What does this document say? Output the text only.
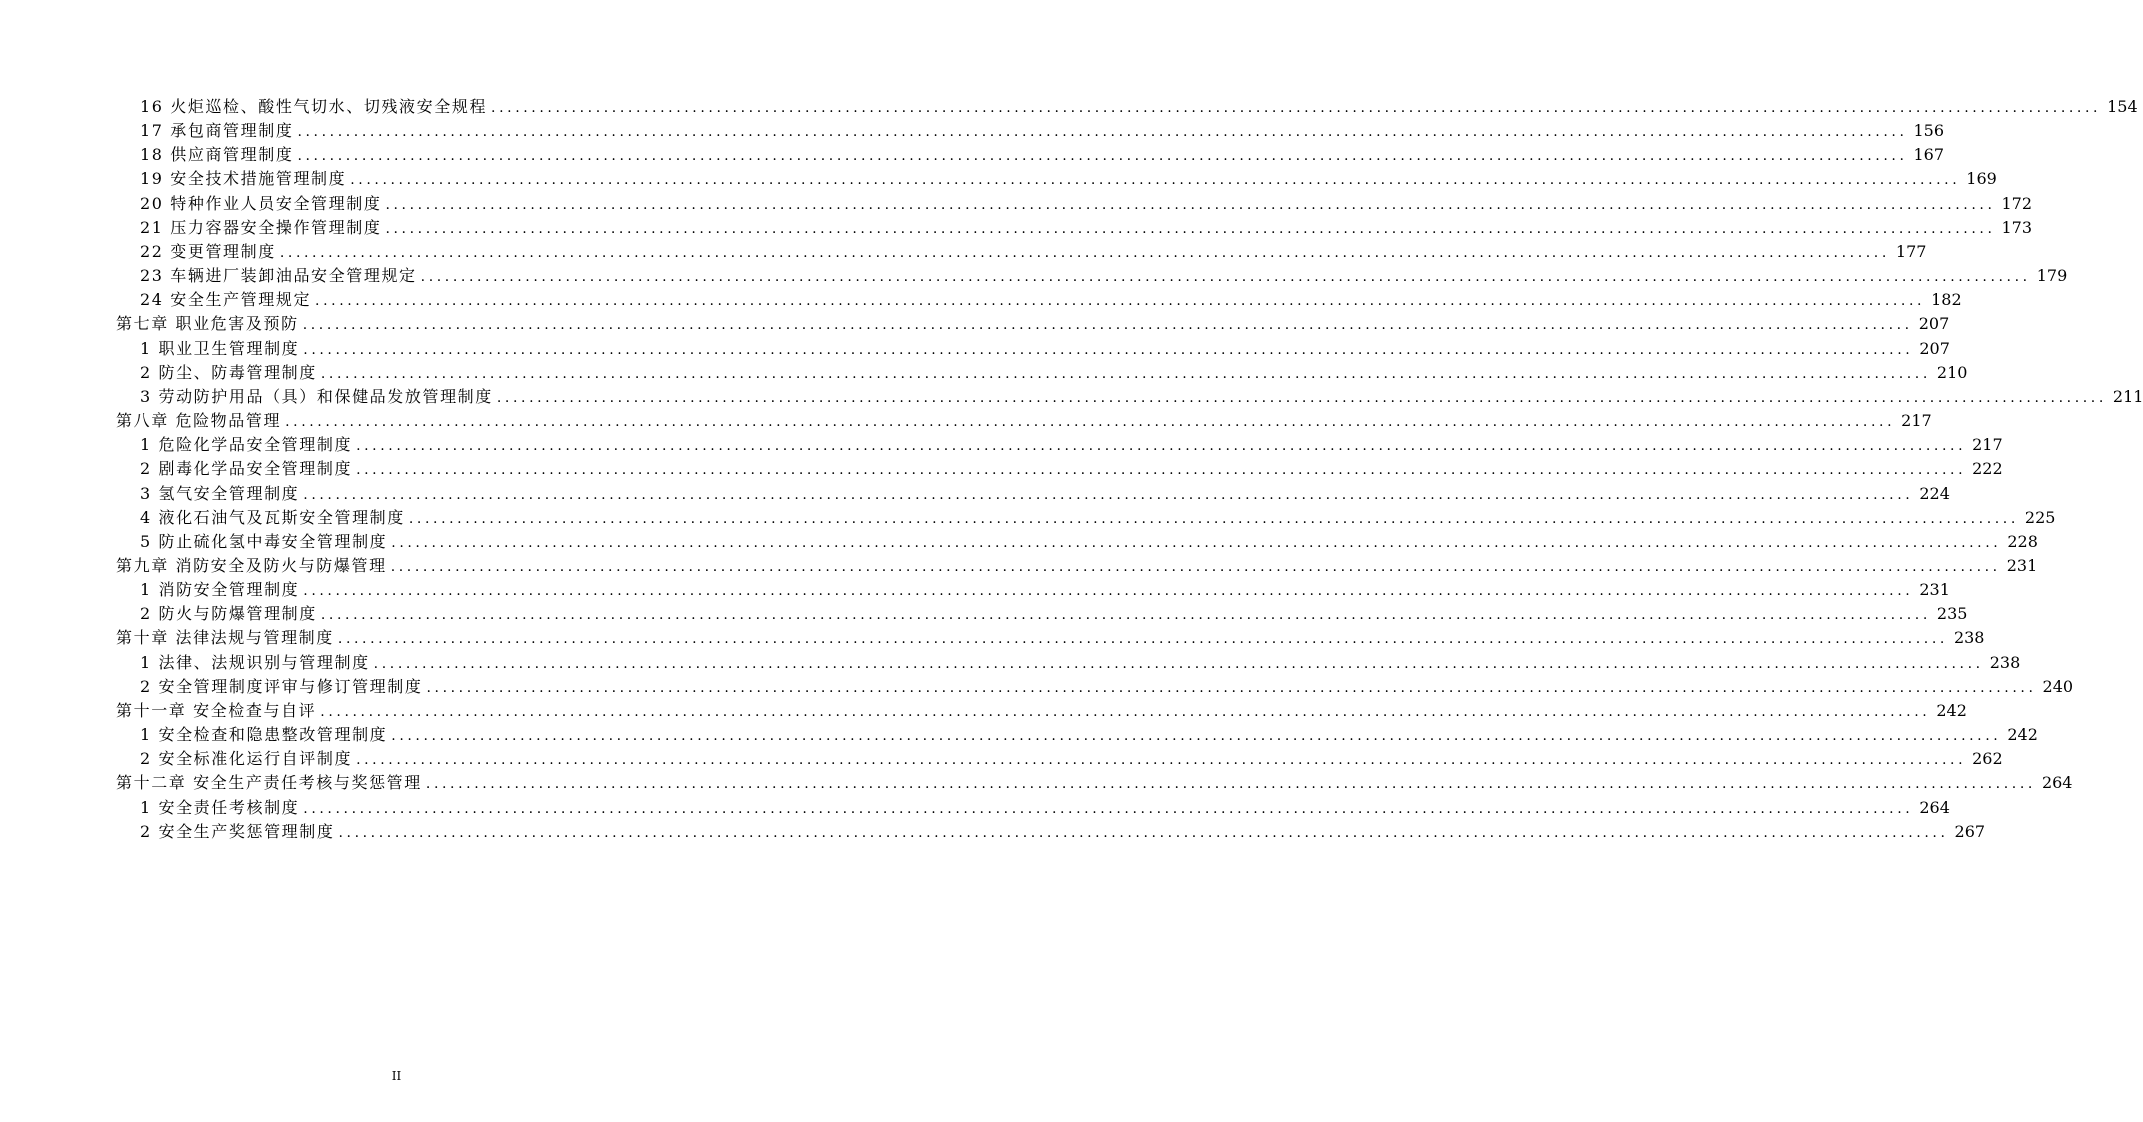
16 火炬巡检、酸性气切水、切残液安全规程 ........................................................................................................................................................................................................ 154
17 承包商管理制度 ........................................................................................................................................................................................................ 156
18 供应商管理制度 ........................................................................................................................................................................................................ 167
19 安全技术措施管理制度 ........................................................................................................................................................................................................ 169
20 特种作业人员安全管理制度 ........................................................................................................................................................................................................ 172
21 压力容器安全操作管理制度 ........................................................................................................................................................................................................ 173
22 变更管理制度 ........................................................................................................................................................................................................ 177
23 车辆进厂装卸油品安全管理规定 ........................................................................................................................................................................................................ 179
24 安全生产管理规定 ........................................................................................................................................................................................................ 182
第七章 职业危害及预防 ........................................................................................................................................................................................................ 207
1 职业卫生管理制度 ........................................................................................................................................................................................................ 207
2 防尘、防毒管理制度 ........................................................................................................................................................................................................ 210
3 劳动防护用品（具）和保健品发放管理制度 ........................................................................................................................................................................................................ 211
第八章 危险物品管理 ........................................................................................................................................................................................................ 217
1 危险化学品安全管理制度 ........................................................................................................................................................................................................ 217
2 剧毒化学品安全管理制度 ........................................................................................................................................................................................................ 222
3 氢气安全管理制度 ........................................................................................................................................................................................................ 224
4 液化石油气及瓦斯安全管理制度 ........................................................................................................................................................................................................ 225
5 防止硫化氢中毒安全管理制度 ........................................................................................................................................................................................................ 228
第九章 消防安全及防火与防爆管理 ........................................................................................................................................................................................................ 231
1 消防安全管理制度 ........................................................................................................................................................................................................ 231
2 防火与防爆管理制度 ........................................................................................................................................................................................................ 235
第十章 法律法规与管理制度 ........................................................................................................................................................................................................ 238
1 法律、法规识别与管理制度 ........................................................................................................................................................................................................ 238
2 安全管理制度评审与修订管理制度 ........................................................................................................................................................................................................ 240
第十一章 安全检查与自评 ........................................................................................................................................................................................................ 242
1 安全检查和隐患整改管理制度 ........................................................................................................................................................................................................ 242
2 安全标准化运行自评制度 ........................................................................................................................................................................................................ 262
第十二章 安全生产责任考核与奖惩管理 ........................................................................................................................................................................................................ 264
1 安全责任考核制度 ........................................................................................................................................................................................................ 264
2 安全生产奖惩管理制度 ........................................................................................................................................................................................................ 267
II
